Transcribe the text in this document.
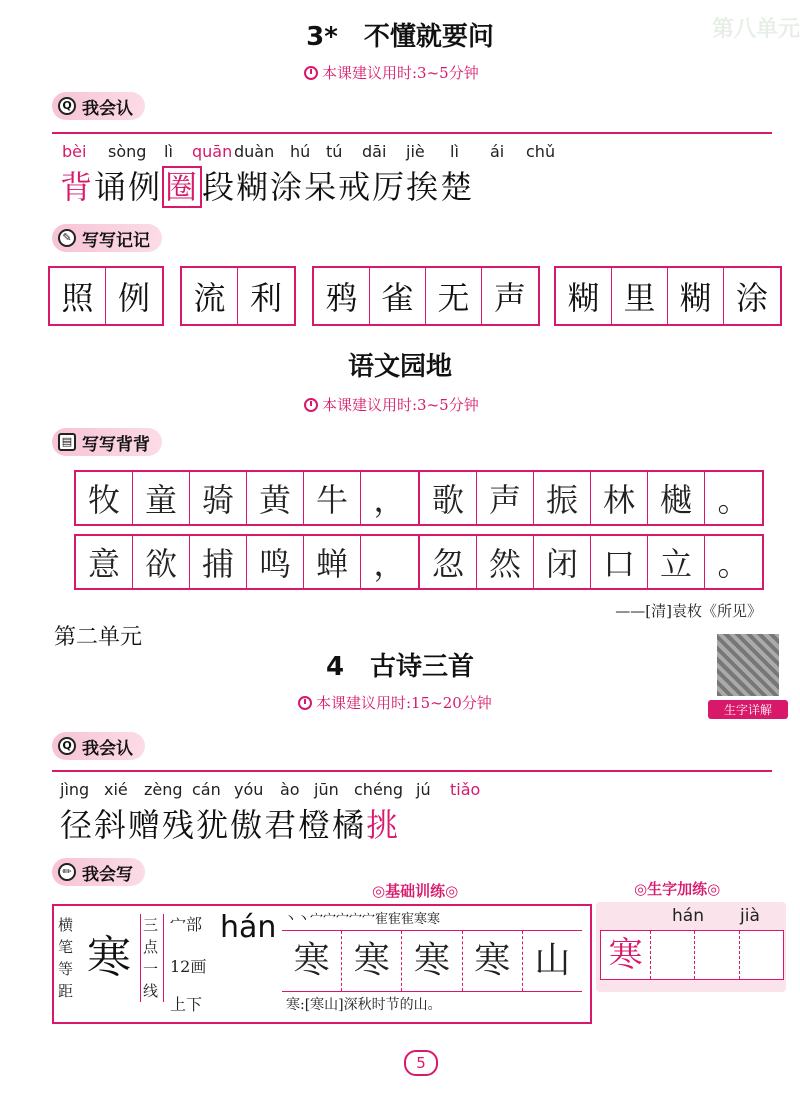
第八单元
3*　不懂就要问
本课建议用时:3~5分钟
Q 我会认
bèi	sòng	lì	quān duàn hú tú	dāi	jiè	lì	ái	chǔ
背诵例圈段糊涂呆戒厉挨楚
✎ 写写记记
照 例	流 利	鸦 雀 无 声	糊 里 糊 涂
语文园地
本课建议用时:3~5分钟
▤ 写写背背
牧 童 骑 黄 牛 ， 歌 声 振 林 樾 。
意 欲 捕 鸣 蝉 ， 忽 然 闭 口 立 。
——[清]袁枚《所见》
第二单元
4　古诗三首
本课建议用时:15~20分钟	生字详解
Q 我会认
jìng xié	zèng cán yóu	ào jūn chéng jú	tiǎo
径斜赠残犹傲君橙橘挑
✏ 我会写
◎基础训练◎	◎生字加练◎
横笔等距
寒
三点一线
宀部
12画
上下
hán 丶丶宀宀宀宀宀寉寉寉寒寒
寒 寒 寒 寒 山
寒:[寒山]深秋时节的山。
hán jià
寒
5
